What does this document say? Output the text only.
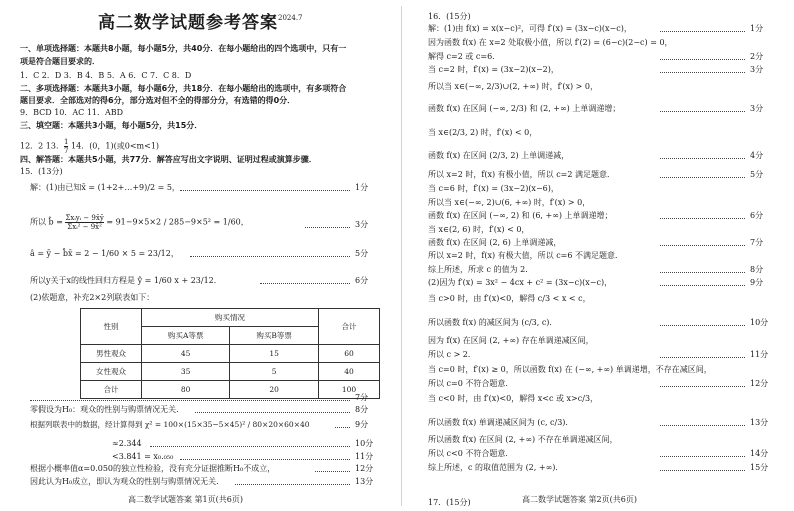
高二数学试题参考答案 2024.7
一、单项选择题：本题共8小题，每小题5分，共40分．在每小题给出的四个选项中，只有一
项是符合题目要求的．
1．C 2．D 3．B 4．B 5．A 6．C 7．C 8．D
二、多项选择题：本题共3小题，每小题6分，共18分．在每小题给出的选项中，有多项符合
题目要求．全部选对的得6分，部分选对但不全的得部分分，有选错的得0分．
9．BCD 10．AC 11．ABD
三、填空题：本题共3小题，每小题5分，共15分．
12．2 13． $\frac{1}{7} 14$．(0，1)(或0<m<1)
四、解答题：本题共5小题，共77分．解答应写出文字说明、证明过程或演算步骤．
15．(13分)
解：(1)由已知x̄ = (1+2+…+9)/2 = 5，	1分
所以 b̂ = $\frac{\text{Σxᵢyᵢ − 9x̄ȳ}}{\text{Σxᵢ² − 9x̄²}} = 91-9\times 5\times 2 / 285-9\times 5^2 = 1/60$，	3分
â = ȳ − b̂x̄ = 2 − 1/60 × 5 = 23/12，	5分
所以y关于x的线性回归方程是 ŷ = 1/60 x + 23/12．	6分
(2)依题意，补充2×2列联表如下：
性别	购买情况		合计
	购买A等票	购买B等票	
男性观众	45	15	60
女性观众	35	5	40
合计	80	20	100
7分
零假设为H₀：观众的性别与购票情况无关．	8分
根据列联表中的数据，经计算得到 χ² = 100×(15×35−5×45)² / 80×20×60×40	9分
≈2.344	10分
<3.841 = x₀.₀₅₀	11分
根据小概率值α=0.050的独立性检验，没有充分证据推断H₀不成立，	12分
因此认为H₀成立，即认为观众的性别与购票情况无关．	13分
高二数学试题答案 第1页(共6页)
16．(15分)
解：(1)由 f(x) = x(x−c)²，可得 f′(x) = (3x−c)(x−c)，	1分
因为函数 f(x) 在 x=2 处取极小值，所以 f′(2) = (6−c)(2−c) = 0，
解得 c=2 或 c=6．	2分
当 c=2 时，f′(x) = (3x−2)(x−2)，	3分
所以当 x∈(−∞, 2/3)∪(2, +∞) 时，f′(x) > 0，
函数 f(x) 在区间 (−∞, 2/3) 和 (2, +∞) 上单调递增；	3分
当 x∈(2/3, 2) 时，f′(x) < 0，
函数 f(x) 在区间 (2/3, 2) 上单调递减，	4分
所以 x=2 时，f(x) 有极小值，所以 c=2 满足题意．	5分
当 c=6 时，f′(x) = (3x−2)(x−6)，
所以当 x∈(−∞, 2)∪(6, +∞) 时，f′(x) > 0，
函数 f(x) 在区间 (−∞, 2) 和 (6, +∞) 上单调递增；	6分
当 x∈(2, 6) 时，f′(x) < 0，
函数 f(x) 在区间 (2, 6) 上单调递减，	7分
所以 x=2 时，f(x) 有极大值，所以 c=6 不满足题意．
综上所述，所求 c 的值为 2．	8分
(2)因为 f′(x) = 3x² − 4cx + c² = (3x−c)(x−c)，	9分
当 c>0 时，由 f′(x)<0，解得 c/3 < x < c，
所以函数 f(x) 的减区间为 (c/3, c)．	10分
因为 f(x) 在区间 (2, +∞) 存在单调递减区间，
所以 c > 2．	11分
当 c=0 时，f′(x) ≥ 0，所以函数 f(x) 在 (−∞, +∞) 单调递增，不存在减区间，
所以 c=0 不符合题意．	12分
当 c<0 时，由 f′(x)<0，解得 x<c 或 x>c/3，
所以函数 f(x) 单调递减区间为 (c, c/3)．	13分
所以函数 f(x) 在区间 (2, +∞) 不存在单调递减区间，
所以 c<0 不符合题意．	14分
综上所述，c 的取值范围为 (2, +∞)．	15分
17．(15分)	高二数学试题答案 第2页(共6页)
